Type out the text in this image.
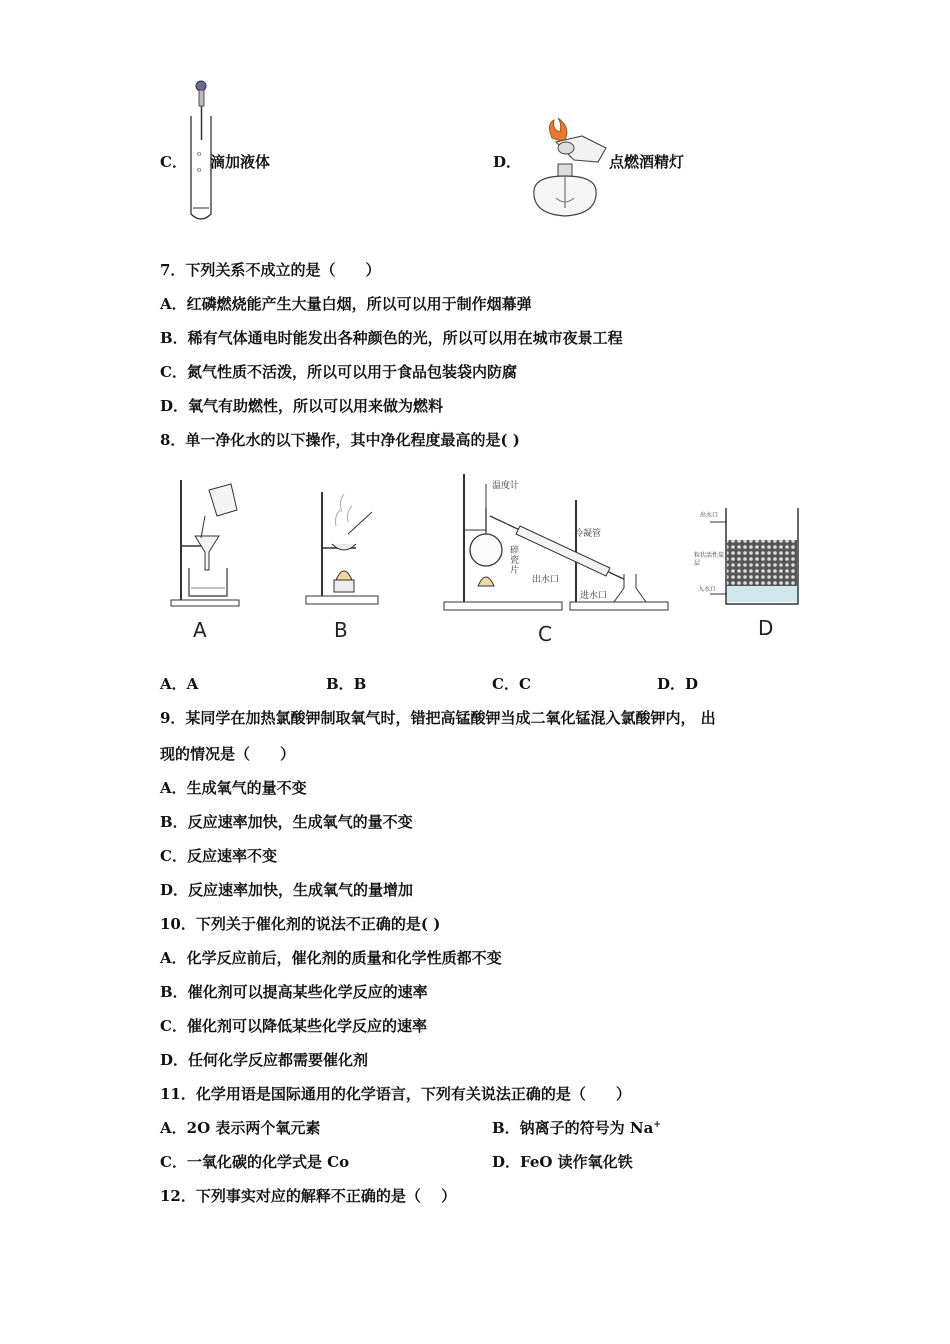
o
o
C． 滴加液体	D．	点燃酒精灯
7．下列关系不成立的是（　　）
A．红磷燃烧能产生大量白烟，所以可以用于制作烟幕弹
B．稀有气体通电时能发出各种颜色的光，所以可以用在城市夜景工程
C．氮气性质不活泼，所以可以用于食品包装袋内防腐
D．氧气有助燃性，所以可以用来做为燃料
8．单一净化水的以下操作，其中净化程度最高的是( )
A	B
温度计
冷凝管
碎瓷片
出水口
进水口
C
出水口
粒状活性炭层
入水口
D
A．A	B．B	C．C	D．D
9．某同学在加热氯酸钾制取氧气时，错把高锰酸钾当成二氧化锰混入氯酸钾内， 出
现的情况是（　　）
A．生成氧气的量不变
B．反应速率加快，生成氧气的量不变
C．反应速率不变
D．反应速率加快，生成氧气的量增加
10．下列关于催化剂的说法不正确的是( )
A．化学反应前后，催化剂的质量和化学性质都不变
B．催化剂可以提高某些化学反应的速率
C．催化剂可以降低某些化学反应的速率
D．任何化学反应都需要催化剂
11．化学用语是国际通用的化学语言，下列有关说法正确的是（　　）
A．2O 表示两个氧元素	B．钠离子的符号为 Na+
C．一氧化碳的化学式是 Co	D．FeO 读作氧化铁
12．下列事实对应的解释不正确的是（　 ）
